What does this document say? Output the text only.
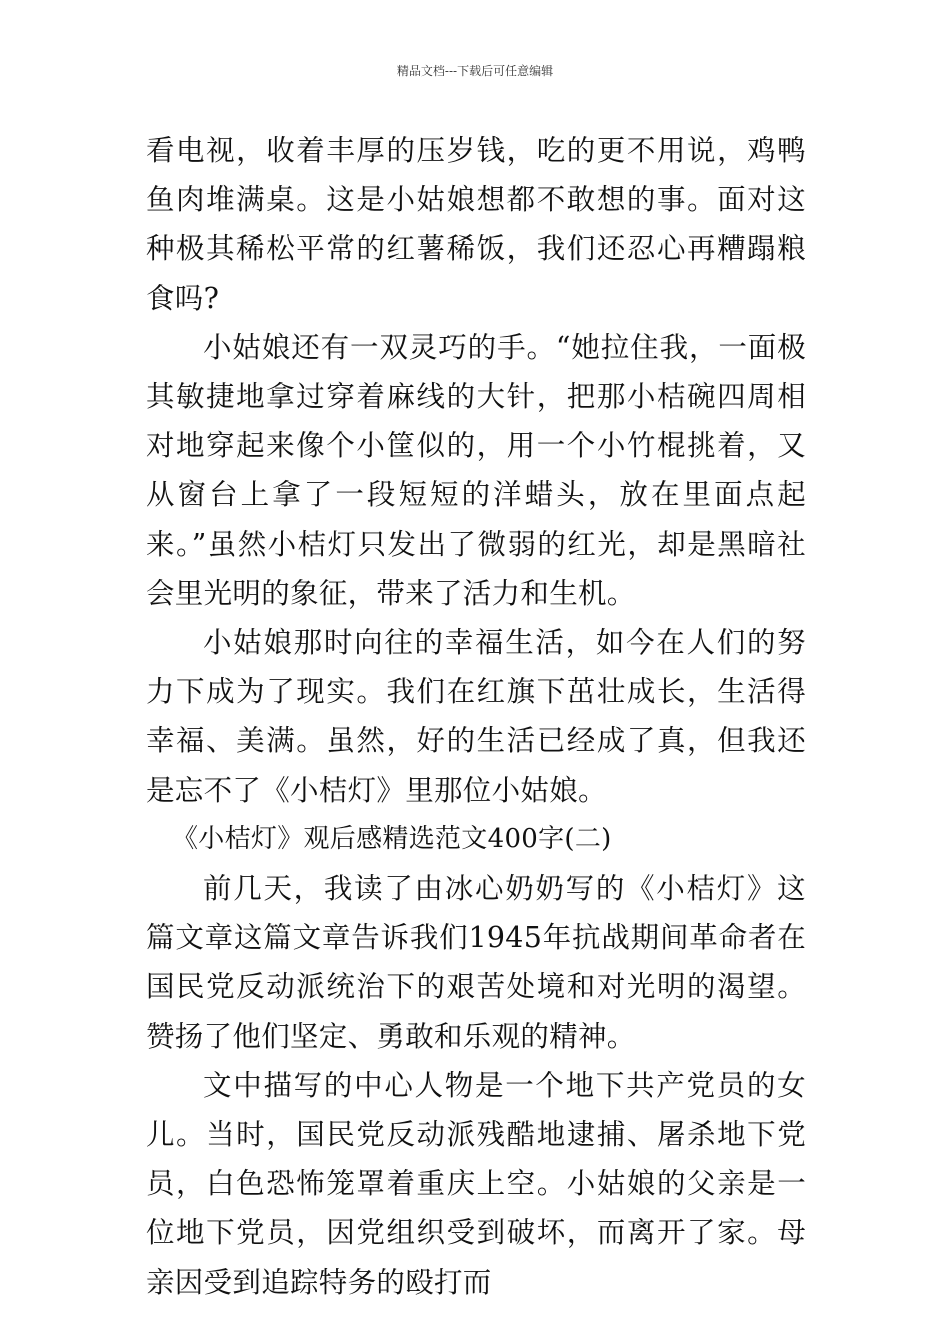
精品文档---下载后可任意编辑

看电视，收着丰厚的压岁钱，吃的更不用说，鸡鸭鱼肉堆满桌。这是小姑娘想都不敢想的事。面对这种极其稀松平常的红薯稀饭，我们还忍心再糟蹋粮食吗?

小姑娘还有一双灵巧的手。“她拉住我，一面极其敏捷地拿过穿着麻线的大针，把那小桔碗四周相对地穿起来像个小筐似的，用一个小竹棍挑着，又从窗台上拿了一段短短的洋蜡头，放在里面点起来。”虽然小桔灯只发出了微弱的红光，却是黑暗社会里光明的象征，带来了活力和生机。

小姑娘那时向往的幸福生活，如今在人们的努力下成为了现实。我们在红旗下茁壮成长，生活得幸福、美满。虽然，好的生活已经成了真，但我还是忘不了《小桔灯》里那位小姑娘。

《小桔灯》观后感精选范文400字(二)

前几天，我读了由冰心奶奶写的《小桔灯》这篇文章这篇文章告诉我们1945年抗战期间革命者在国民党反动派统治下的艰苦处境和对光明的渴望。赞扬了他们坚定、勇敢和乐观的精神。

文中描写的中心人物是一个地下共产党员的女儿。当时，国民党反动派残酷地逮捕、屠杀地下党员，白色恐怖笼罩着重庆上空。小姑娘的父亲是一位地下党员，因党组织受到破坏，而离开了家。母亲因受到追踪特务的殴打而
